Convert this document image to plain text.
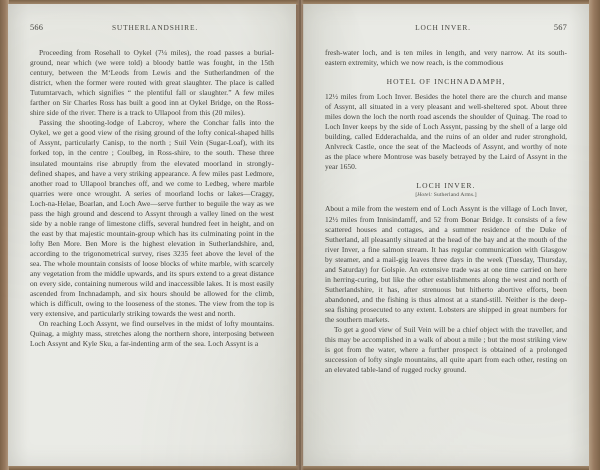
566	SUTHERLANDSHIRE.

Proceeding from Rosehall to Oykel (7¼ miles), the road passes a burial-ground, near which (we were told) a bloody battle was fought, in the 15th century, between the M‘Leods from Lewis and the Sutherlandmen of the district, when the former were routed with great slaughter. The place is called Tutumtarvach, which signifies “ the plentiful fall or slaughter.” A few miles farther on Sir Charles Ross has built a good inn at Oykel Bridge, on the Ross-shire side of the river. There is a track to Ullapool from this (20 miles).

Passing the shooting-lodge of Labcroy, where the Conchar falls into the Oykel, we get a good view of the rising ground of the lofty conical-shaped hills of Assynt, particularly Canisp, to the north ; Suil Vein (Sugar-Loaf), with its forked top, in the centre ; Coulbeg, in Ross-shire, to the south. These three insulated mountains rise abruptly from the elevated moorland in strongly-defined shapes, and have a very striking appearance. A few miles past Ledmore, another road to Ullapool branches off, and we come to Ledbeg, where marble quarries were once wrought. A series of moorland lochs or lakes—Craggy, Loch-na-Helae, Boarlan, and Loch Awe—serve further to beguile the way as we pass the high ground and descend to Assynt through a valley lined on the west side by a noble range of limestone cliffs, several hundred feet in height, and on the east by that majestic mountain-group which has its culminating point in the lofty Ben More. Ben More is the highest elevation in Sutherlandshire, and, according to the trigonometrical survey, rises 3235 feet above the level of the sea. The whole mountain consists of loose blocks of white marble, with scarcely any vegetation from the middle upwards, and its spurs extend to a great distance on every side, containing numerous wild and inaccessible lakes. It is most easily ascended from Inchnadamph, and six hours should be allowed for the climb, which is difficult, owing to the looseness of the stones. The view from the top is very extensive, and particularly striking towards the west and north.

On reaching Loch Assynt, we find ourselves in the midst of lofty mountains. Quinag, a mighty mass, stretches along the northern shore, interposing between Loch Assynt and Kyle Sku, a far-indenting arm of the sea. Loch Assynt is a

LOCH INVER.	567

fresh-water loch, and is ten miles in length, and very narrow. At its south-eastern extremity, which we now reach, is the commodious

HOTEL OF INCHNADAMPH,

12½ miles from Loch Inver. Besides the hotel there are the church and manse of Assynt, all situated in a very pleasant and well-sheltered spot. About three miles down the loch the north road ascends the shoulder of Quinag. The road to Loch Inver keeps by the side of Loch Assynt, passing by the shell of a large old building, called Edderachalda, and the ruins of an older and ruder stronghold, Anlvreck Castle, once the seat of the Macleods of Assynt, and worthy of note as the place where Montrose was basely betrayed by the Laird of Assynt in the year 1650.

LOCH INVER.
[Hotel: Sutherland Arms.]

About a mile from the western end of Loch Assynt is the village of Loch Inver, 12½ miles from Innisindamff, and 52 from Bonar Bridge. It consists of a few scattered houses and cottages, and a summer residence of the Duke of Sutherland, all pleasantly situated at the head of the bay and at the mouth of the river Inver, a fine salmon stream. It has regular communication with Glasgow by steamer, and a mail-gig leaves three days in the week (Tuesday, Thursday, and Saturday) for Golspie. An extensive trade was at one time carried on here in herring-curing, but like the other establishments along the west and north of Sutherlandshire, it has, after strenuous but hitherto abortive efforts, been abandoned, and the fishing is thus almost at a stand-still. Neither is the deep-sea fishing prosecuted to any extent. Lobsters are shipped in great numbers for the southern markets.

To get a good view of Suil Vein will be a chief object with the traveller, and this may be accomplished in a walk of about a mile ; but the most striking view is got from the water, where a further prospect is obtained of a prolonged succession of lofty single mountains, all quite apart from each other, resting on an elevated table-land of rugged rocky ground.
